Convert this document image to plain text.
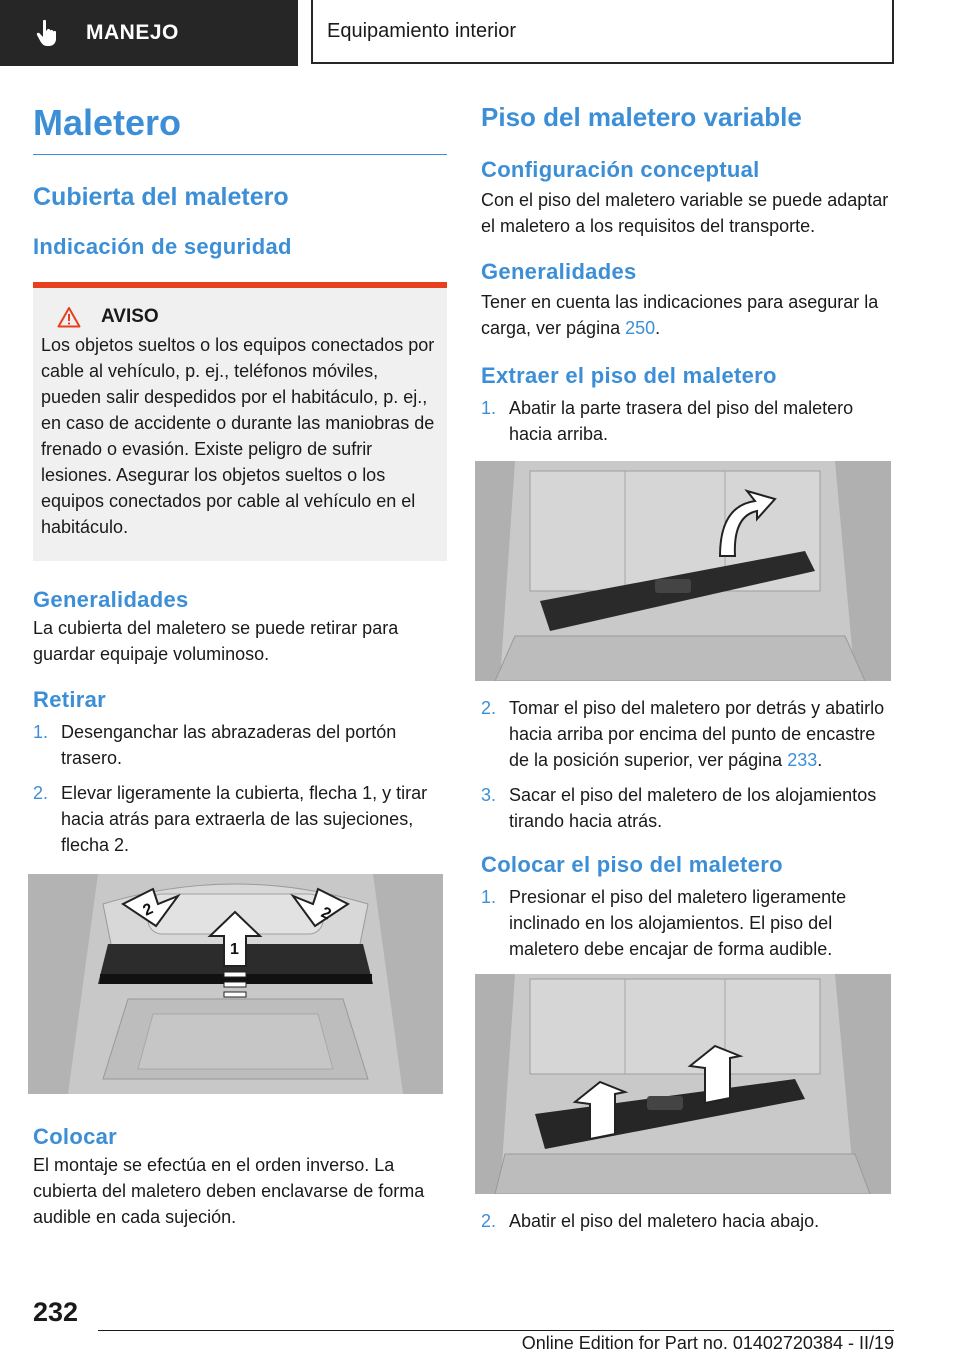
MANEJO	Equipamiento interior
Maletero
Cubierta del maletero
Indicación de seguridad
AVISO

Los objetos sueltos o los equipos conectados por cable al vehículo, p. ej., teléfonos móviles, pueden salir despedidos por el habitáculo, p. ej., en caso de accidente o durante las maniobras de frenado o evasión. Existe peligro de sufrir lesiones. Asegurar los objetos sueltos o los equipos conectados por cable al vehículo en el habitáculo.

Generalidades

La cubierta del maletero se puede retirar para guardar equipaje voluminoso.

Retirar
1. Desenganchar las abrazaderas del portón trasero.
2. Elevar ligeramente la cubierta, flecha 1, y tirar hacia atrás para extraerla de las sujeciones, flecha 2.
2
1
2
Colocar

El montaje se efectúa en el orden inverso. La cubierta del maletero deben enclavarse de forma audible en cada sujeción.

Piso del maletero variable
Configuración conceptual

Con el piso del maletero variable se puede adaptar el maletero a los requisitos del transporte.

Generalidades

Tener en cuenta las indicaciones para asegurar la carga, ver página 250.

Extraer el piso del maletero
1. Abatir la parte trasera del piso del maletero hacia arriba.
2. Tomar el piso del maletero por detrás y abatirlo hacia arriba por encima del punto de encastre de la posición superior, ver página 233.
3. Sacar el piso del maletero de los alojamientos tirando hacia atrás.
Colocar el piso del maletero
1. Presionar el piso del maletero ligeramente inclinado en los alojamientos. El piso del maletero debe encajar de forma audible.
2. Abatir el piso del maletero hacia abajo.
232
Online Edition for Part no. 01402720384 - II/19
